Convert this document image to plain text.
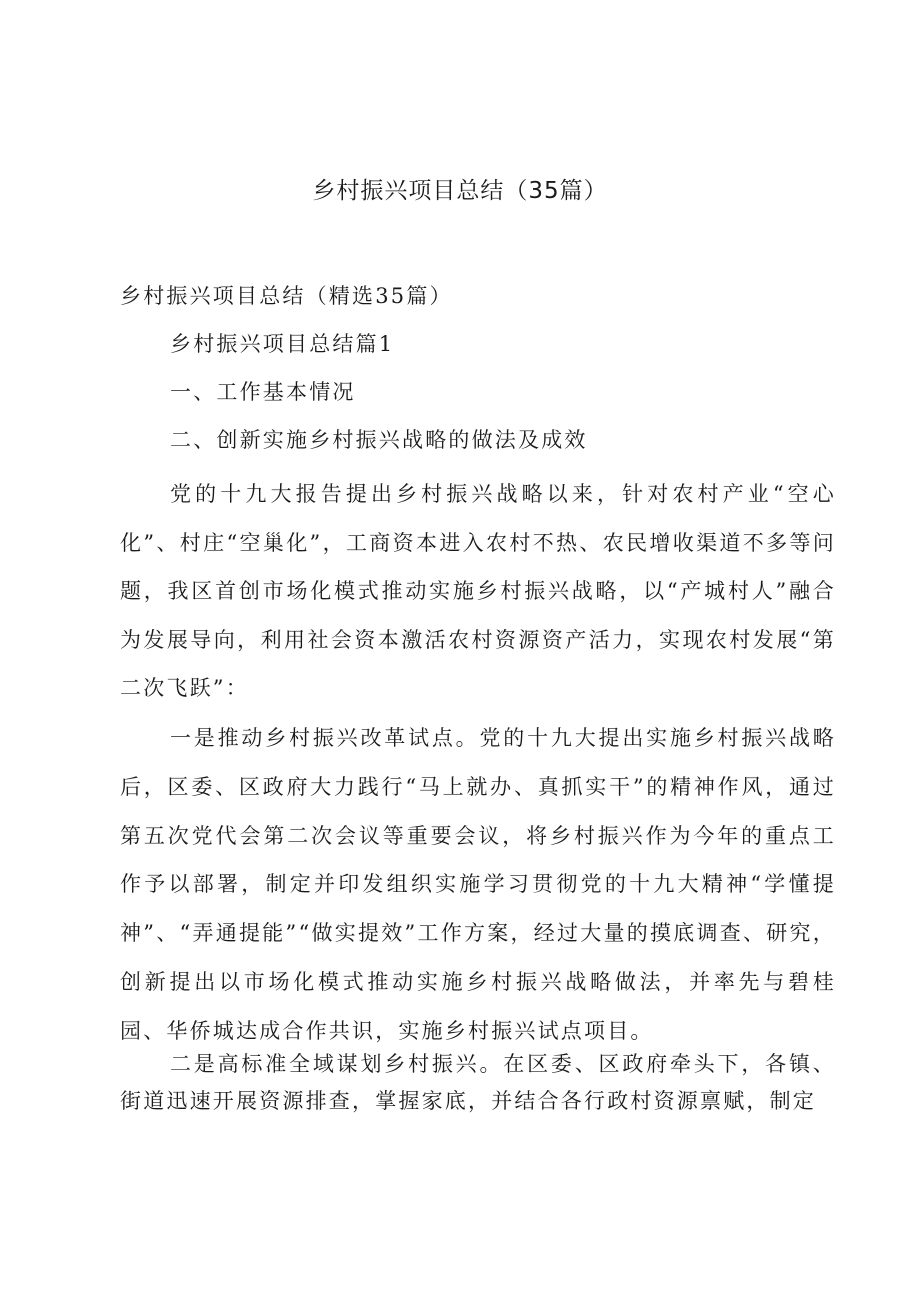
乡村振兴项目总结（35篇）

乡村振兴项目总结（精选35篇）

乡村振兴项目总结篇1

一、工作基本情况

二、创新实施乡村振兴战略的做法及成效

党的十九大报告提出乡村振兴战略以来，针对农村产业“空心化”、村庄“空巢化”，工商资本进入农村不热、农民增收渠道不多等问题，我区首创市场化模式推动实施乡村振兴战略，以“产城村人”融合为发展导向，利用社会资本激活农村资源资产活力，实现农村发展“第二次飞跃”：

一是推动乡村振兴改革试点。党的十九大提出实施乡村振兴战略后，区委、区政府大力践行“马上就办、真抓实干”的精神作风，通过第五次党代会第二次会议等重要会议，将乡村振兴作为今年的重点工作予以部署，制定并印发组织实施学习贯彻党的十九大精神“学懂提神”、“弄通提能”“做实提效”工作方案，经过大量的摸底调查、研究，创新提出以市场化模式推动实施乡村振兴战略做法，并率先与碧桂园、华侨城达成合作共识，实施乡村振兴试点项目。

二是高标准全域谋划乡村振兴。在区委、区政府牵头下，各镇、街道迅速开展资源排查，掌握家底，并结合各行政村资源禀赋，制定
